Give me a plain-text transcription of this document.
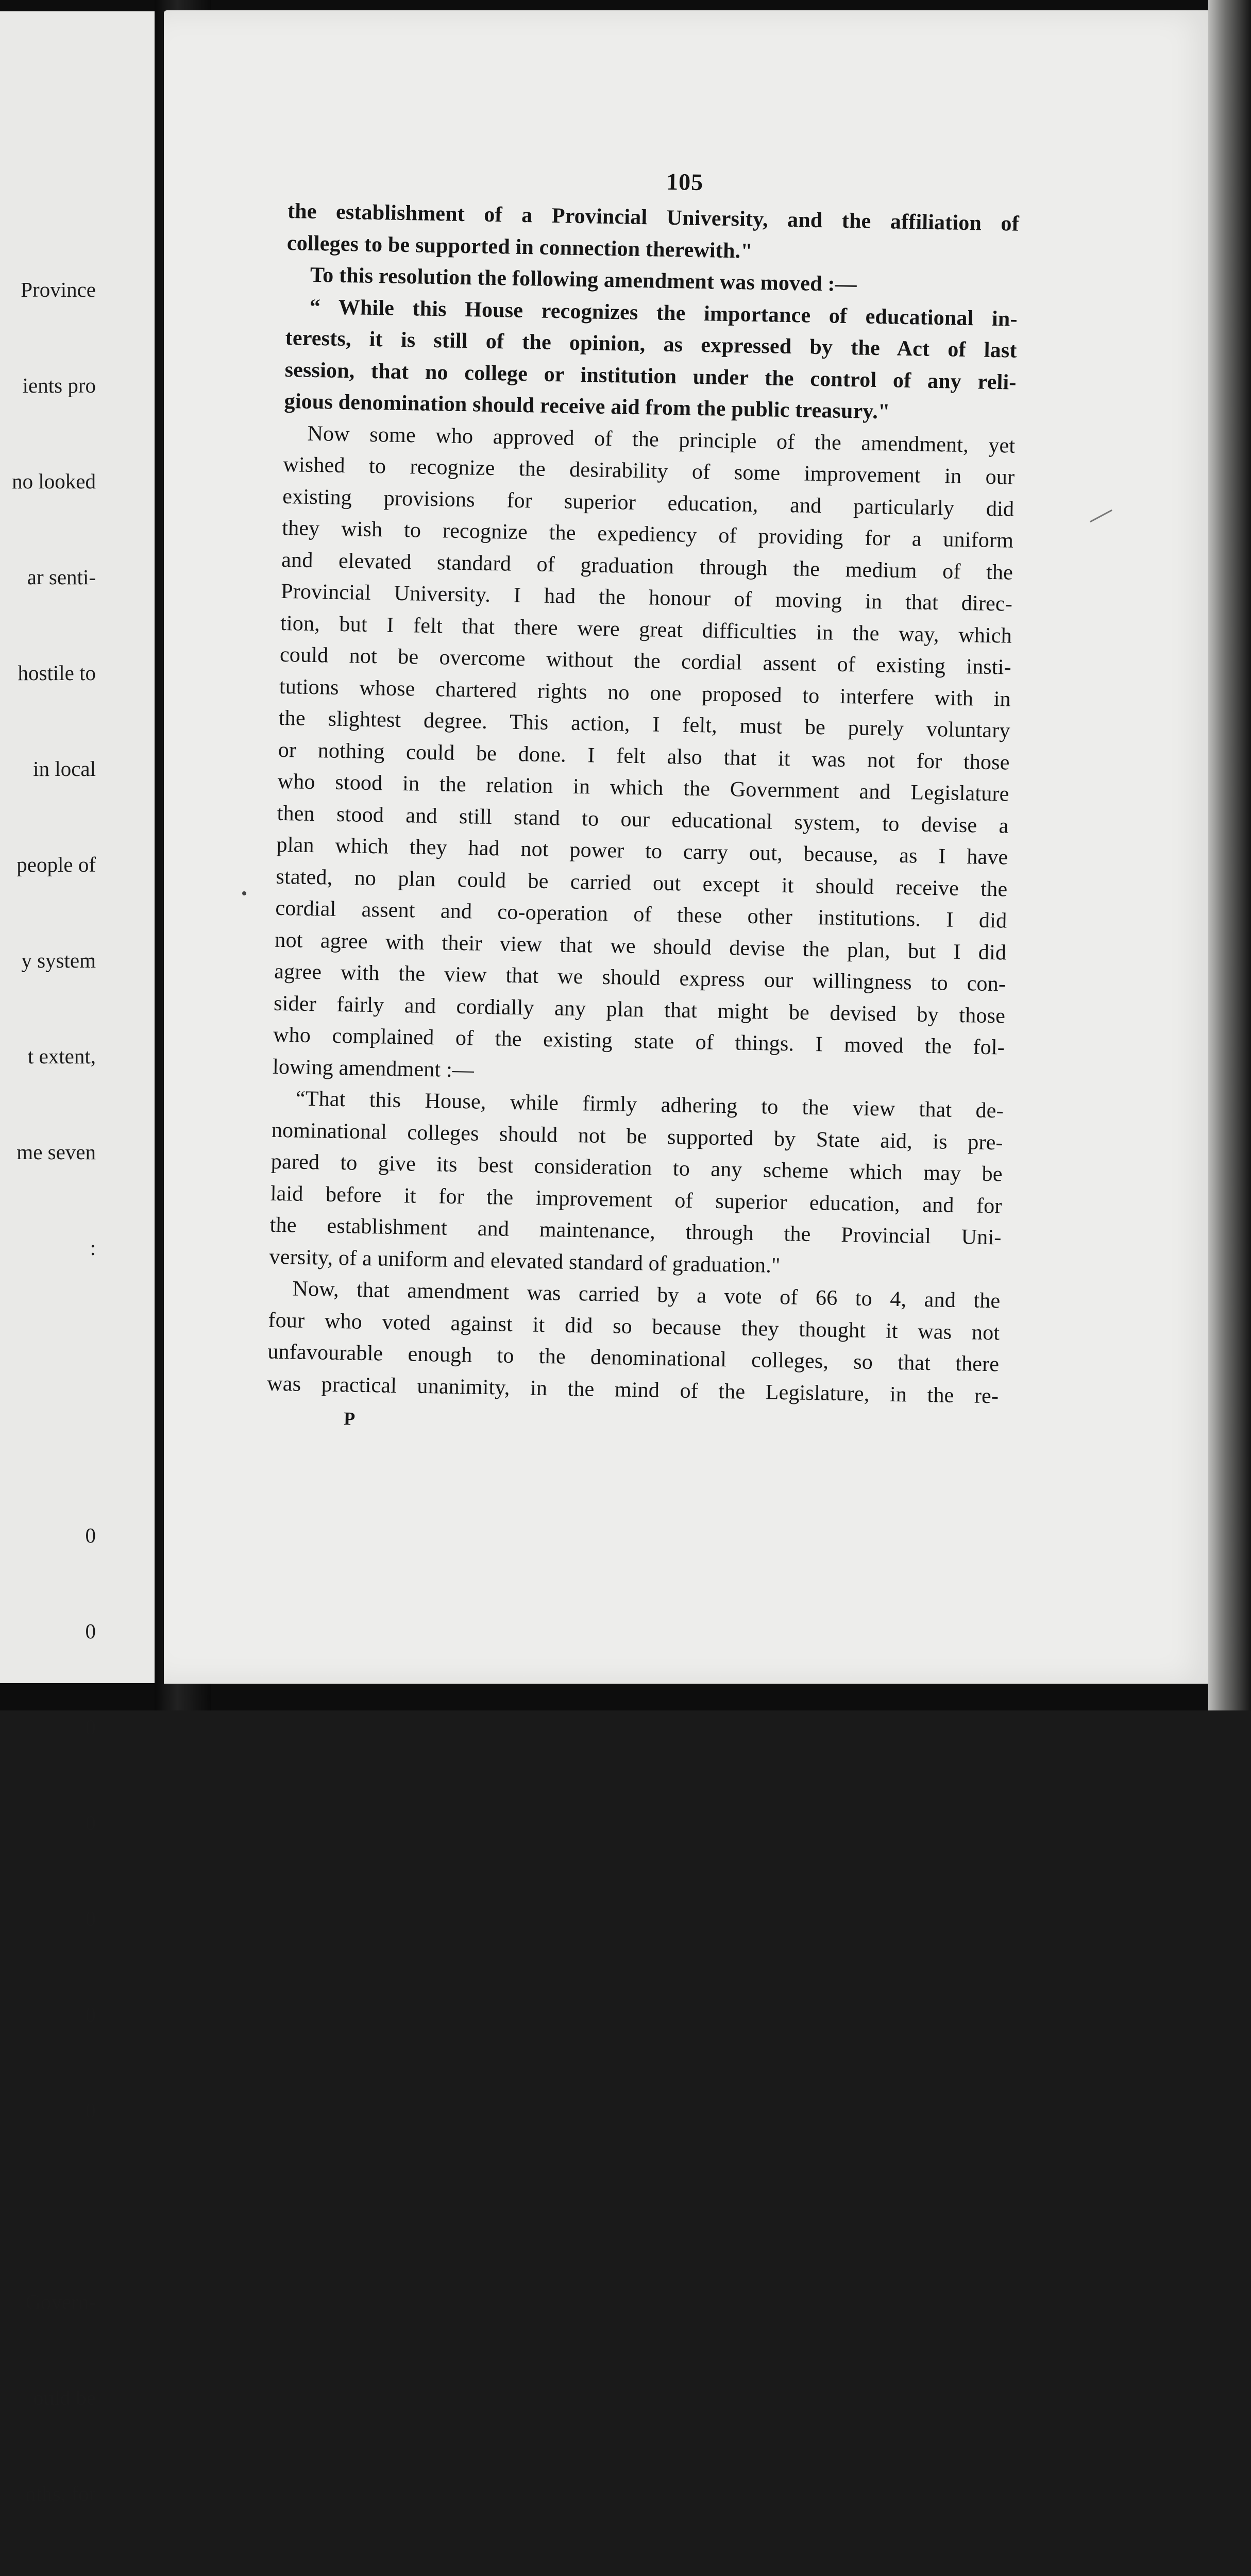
Province

ients pro

no looked

ar senti-

hostile to

in local

people of

y system

t extent,

me seven

:

0

0

0

0

0

0

0

Govern-

ould be

nths, for

105
the establishment of a Provincial University, and the affiliation of
colleges to be supported in connection therewith."
To this resolution the following amendment was moved :—
“ While this House recognizes the importance of educational in-
terests, it is still of the opinion, as expressed by the Act of last
session, that no college or institution under the control of any reli-
gious denomination should receive aid from the public treasury."
Now some who approved of the principle of the amendment, yet
wished to recognize the desirability of some improvement in our
existing provisions for superior education, and particularly did
they wish to recognize the expediency of providing for a uniform
and elevated standard of graduation through the medium of the
Provincial University. I had the honour of moving in that direc-
tion, but I felt that there were great difficulties in the way, which
could not be overcome without the cordial assent of existing insti-
tutions whose chartered rights no one proposed to interfere with in
the slightest degree. This action, I felt, must be purely voluntary
or nothing could be done. I felt also that it was not for those
who stood in the relation in which the Government and Legislature
then stood and still stand to our educational system, to devise a
plan which they had not power to carry out, because, as I have
stated, no plan could be carried out except it should receive the
cordial assent and co-operation of these other institutions. I did
not agree with their view that we should devise the plan, but I did
agree with the view that we should express our willingness to con-
sider fairly and cordially any plan that might be devised by those
who complained of the existing state of things. I moved the fol-
lowing amendment :—
“That this House, while firmly adhering to the view that de-
nominational colleges should not be supported by State aid, is pre-
pared to give its best consideration to any scheme which may be
laid before it for the improvement of superior education, and for
the establishment and maintenance, through the Provincial Uni-
versity, of a uniform and elevated standard of graduation."
Now, that amendment was carried by a vote of 66 to 4, and the
four who voted against it did so because they thought it was not
unfavourable enough to the denominational colleges, so that there
was practical unanimity, in the mind of the Legislature, in the re-
P
